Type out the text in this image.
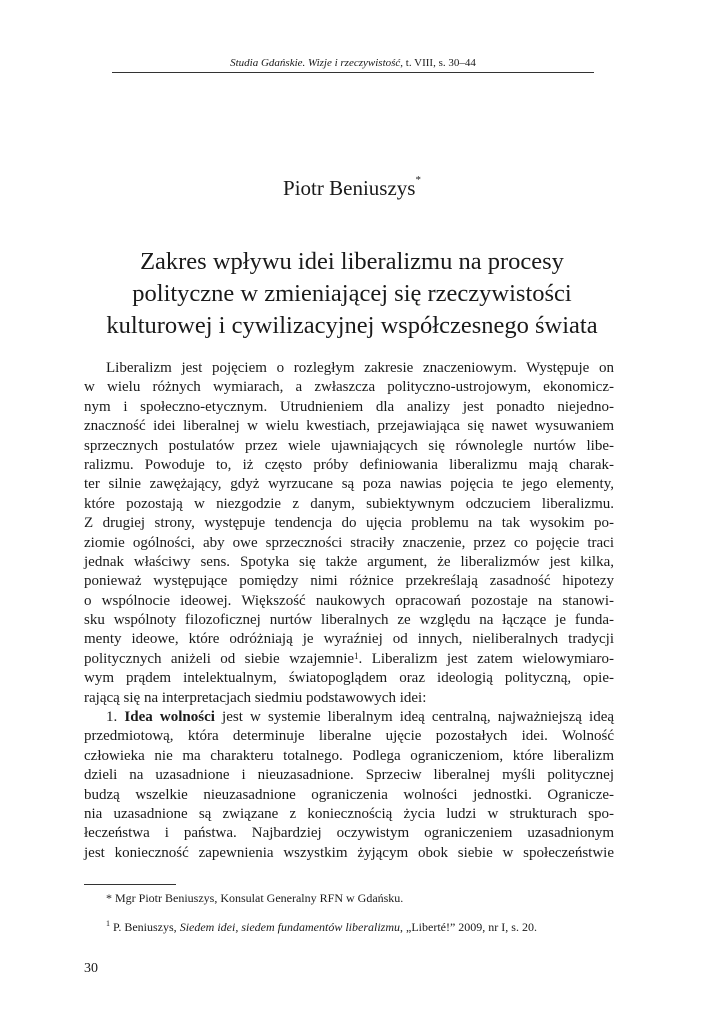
Studia Gdańskie. Wizje i rzeczywistość, t. VIII, s. 30–44
Piotr Beniuszys*
Zakres wpływu idei liberalizmu na procesy
polityczne w zmieniającej się rzeczywistości
kulturowej i cywilizacyjnej współczesnego świata
Liberalizm jest pojęciem o rozległym zakresie znaczeniowym. Występuje on
w wielu różnych wymiarach, a zwłaszcza polityczno-ustrojowym, ekonomicz-
nym i społeczno-etycznym. Utrudnieniem dla analizy jest ponadto niejedno-
znaczność idei liberalnej w wielu kwestiach, przejawiająca się nawet wysuwaniem
sprzecznych postulatów przez wiele ujawniających się równolegle nurtów libe-
ralizmu. Powoduje to, iż często próby definiowania liberalizmu mają charak-
ter silnie zawężający, gdyż wyrzucane są poza nawias pojęcia te jego elementy,
które pozostają w niezgodzie z danym, subiektywnym odczuciem liberalizmu.
Z drugiej strony, występuje tendencja do ujęcia problemu na tak wysokim po-
ziomie ogólności, aby owe sprzeczności straciły znaczenie, przez co pojęcie traci
jednak właściwy sens. Spotyka się także argument, że liberalizmów jest kilka,
ponieważ występujące pomiędzy nimi różnice przekreślają zasadność hipotezy
o wspólnocie ideowej. Większość naukowych opracowań pozostaje na stanowi-
sku wspólnoty filozoficznej nurtów liberalnych ze względu na łączące je funda-
menty ideowe, które odróżniają je wyraźniej od innych, nieliberalnych tradycji
politycznych aniżeli od siebie wzajemnie$^1$. Liberalizm jest zatem wielowymiaro-
wym prądem intelektualnym, światopoglądem oraz ideologią polityczną, opie-
rającą się na interpretacjach siedmiu podstawowych idei:
1. Idea wolności jest w systemie liberalnym ideą centralną, najważniejszą ideą
przedmiotową, która determinuje liberalne ujęcie pozostałych idei. Wolność
człowieka nie ma charakteru totalnego. Podlega ograniczeniom, które liberalizm
dzieli na uzasadnione i nieuzasadnione. Sprzeciw liberalnej myśli politycznej
budzą wszelkie nieuzasadnione ograniczenia wolności jednostki. Ogranicze-
nia uzasadnione są związane z koniecznością życia ludzi w strukturach spo-
łeczeństwa i państwa. Najbardziej oczywistym ograniczeniem uzasadnionym
jest konieczność zapewnienia wszystkim żyjącym obok siebie w społeczeństwie
* Mgr Piotr Beniuszys, Konsulat Generalny RFN w Gdańsku.
$^1$ P. Beniuszys, Siedem idei, siedem fundamentów liberalizmu, „Liberté!” 2009, nr I, s. 20.
30
